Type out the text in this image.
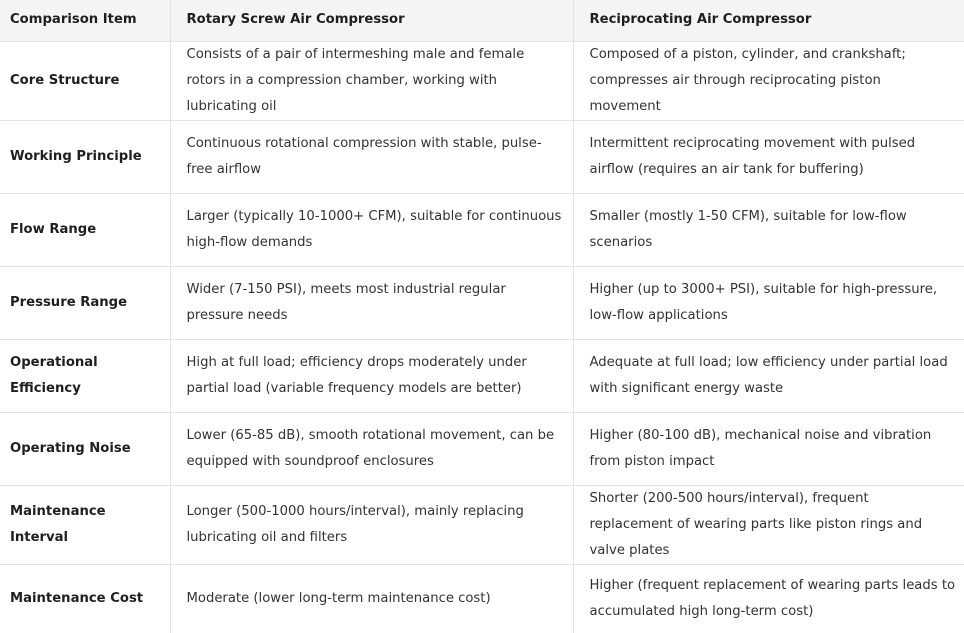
Comparison Item	Rotary Screw Air Compressor	Reciprocating Air Compressor
Core Structure	Consists of a pair of intermeshing male and female rotors in a compression chamber, working with lubricating oil	Composed of a piston, cylinder, and crankshaft; compresses air through reciprocating piston movement
Working Principle	Continuous rotational compression with stable, pulse-free airflow	Intermittent reciprocating movement with pulsed airflow (requires an air tank for buffering)
Flow Range	Larger (typically 10-1000+ CFM), suitable for continuous high-flow demands	Smaller (mostly 1-50 CFM), suitable for low-flow scenarios
Pressure Range	Wider (7-150 PSI), meets most industrial regular pressure needs	Higher (up to 3000+ PSI), suitable for high-pressure, low-flow applications
Operational Efficiency	High at full load; efficiency drops moderately under partial load (variable frequency models are better)	Adequate at full load; low efficiency under partial load with significant energy waste
Operating Noise	Lower (65-85 dB), smooth rotational movement, can be equipped with soundproof enclosures	Higher (80-100 dB), mechanical noise and vibration from piston impact
Maintenance Interval	Longer (500-1000 hours/interval), mainly replacing lubricating oil and filters	Shorter (200-500 hours/interval), frequent replacement of wearing parts like piston rings and valve plates
Maintenance Cost	Moderate (lower long-term maintenance cost)	Higher (frequent replacement of wearing parts leads to accumulated high long-term cost)
